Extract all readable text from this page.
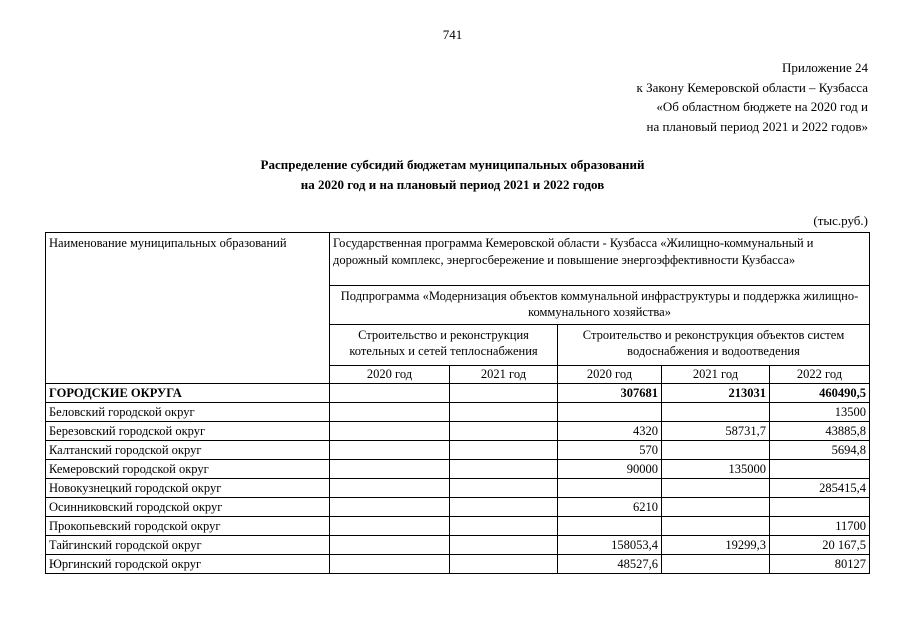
741
Приложение 24
к Закону Кемеровской области – Кузбасса
«Об областном бюджете на 2020 год и
на плановый период 2021 и 2022 годов»
Распределение субсидий бюджетам муниципальных образований
на 2020 год и на плановый период 2021 и 2022 годов
(тыс.руб.)
Наименование муниципальных образований	Государственная программа Кемеровской области - Кузбасса «Жилищно-коммунальный и дорожный комплекс, энергосбережение и повышение энергоэффективности Кузбасса»				
	Подпрограмма «Модернизация объектов коммунальной инфраструктуры и поддержка жилищно-коммунального хозяйства»				
	Строительство и реконструкция котельных и сетей теплоснабжения		Строительство и реконструкция объектов систем водоснабжения и водоотведения		
	2020 год	2021 год	2020 год	2021 год	2022 год
ГОРОДСКИЕ ОКРУГА			307681	213031	460490,5
Беловский городской округ					13500
Березовский городской округ			4320	58731,7	43885,8
Калтанский городской округ			570		5694,8
Кемеровский городской округ			90000	135000	
Новокузнецкий городской округ					285415,4
Осинниковский городской округ			6210		
Прокопьевский городской округ					11700
Тайгинский городской округ			158053,4	19299,3	20 167,5
Юргинский городской округ			48527,6		80127
